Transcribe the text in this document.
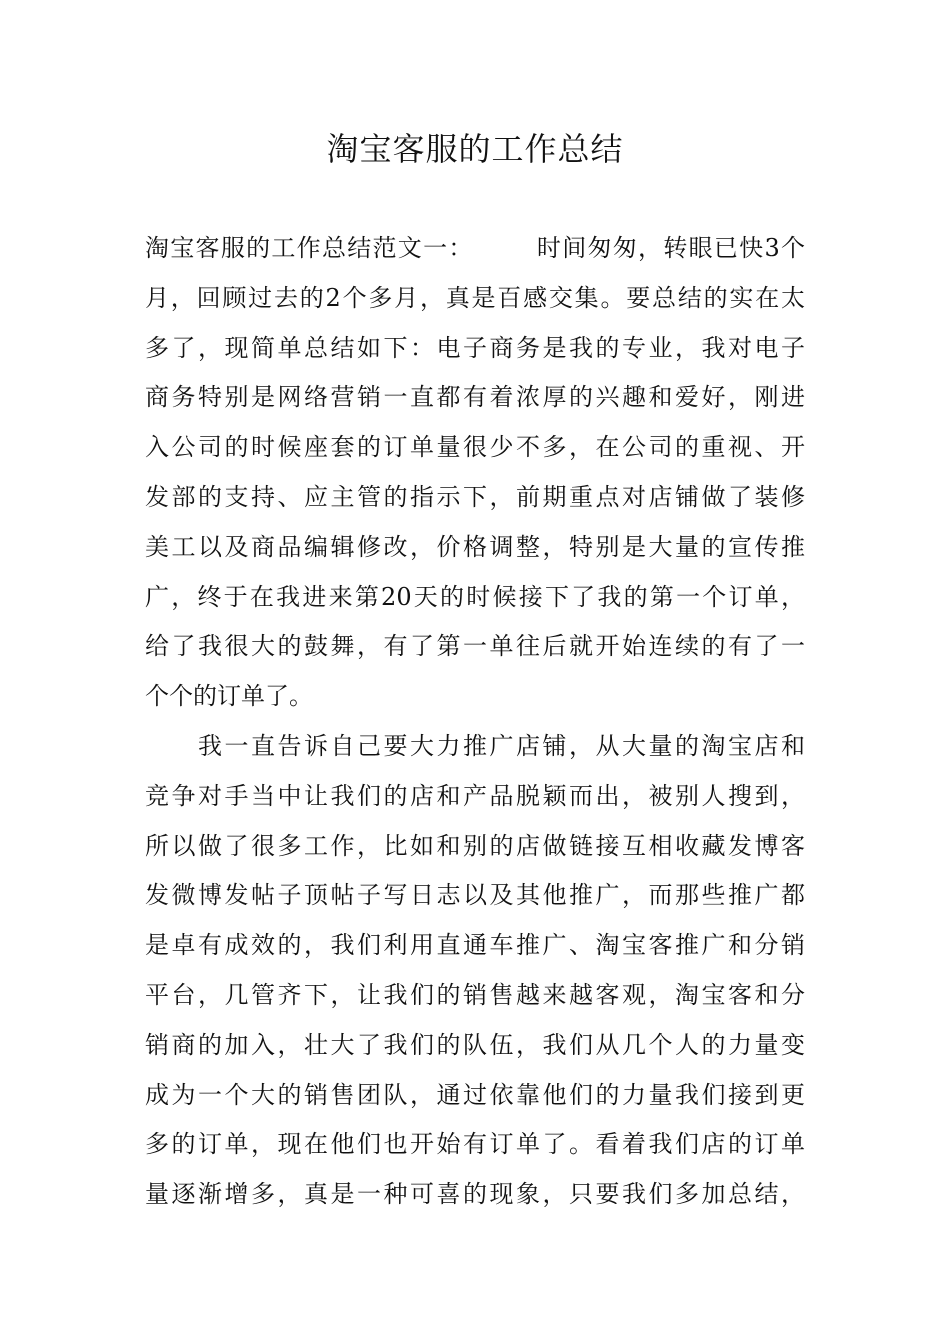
淘宝客服的工作总结
淘宝客服的工作总结范文一：	时间匆匆，转眼已快3个
月，回顾过去的2个多月，真是百感交集。要总结的实在太
多了，现简单总结如下：电子商务是我的专业，我对电子
商务特别是网络营销一直都有着浓厚的兴趣和爱好，刚进
入公司的时候座套的订单量很少不多，在公司的重视、开
发部的支持、应主管的指示下，前期重点对店铺做了装修
美工以及商品编辑修改，价格调整，特别是大量的宣传推
广，终于在我进来第20天的时候接下了我的第一个订单，
给了我很大的鼓舞，有了第一单往后就开始连续的有了一
个个的订单了。
　　我一直告诉自己要大力推广店铺，从大量的淘宝店和
竞争对手当中让我们的店和产品脱颖而出，被别人搜到，
所以做了很多工作，比如和别的店做链接互相收藏发博客
发微博发帖子顶帖子写日志以及其他推广，而那些推广都
是卓有成效的，我们利用直通车推广、淘宝客推广和分销
平台，几管齐下，让我们的销售越来越客观，淘宝客和分
销商的加入，壮大了我们的队伍，我们从几个人的力量变
成为一个大的销售团队，通过依靠他们的力量我们接到更
多的订单，现在他们也开始有订单了。看着我们店的订单
量逐渐增多，真是一种可喜的现象，只要我们多加总结，
